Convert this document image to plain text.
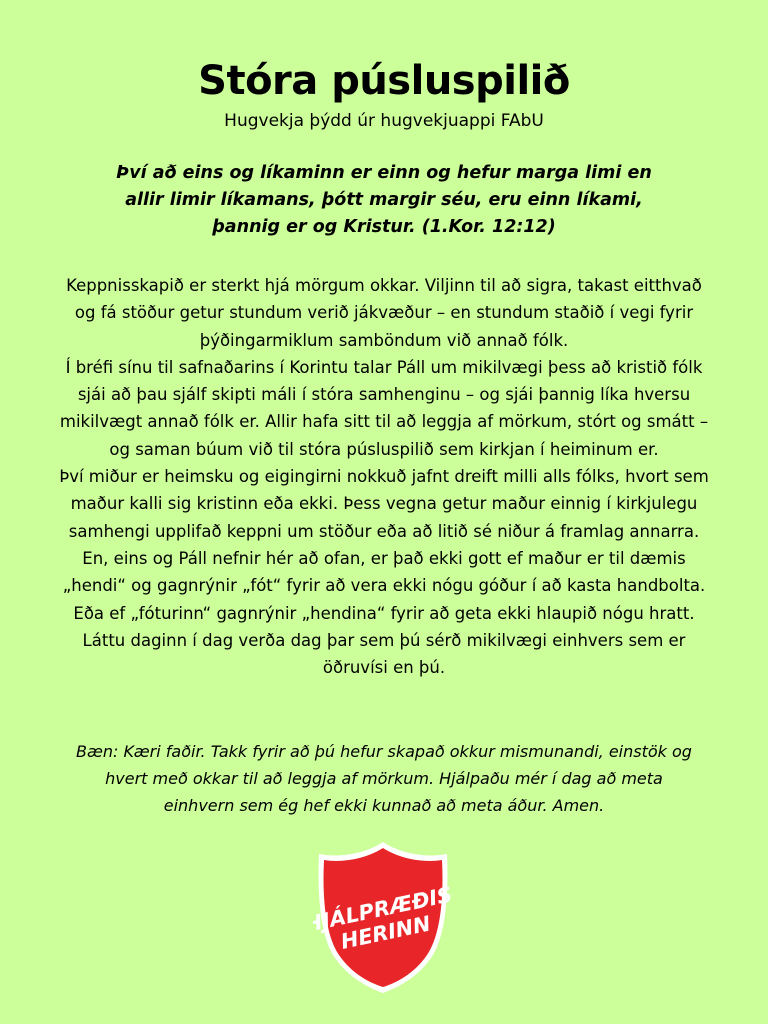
Stóra púsluspilið
Hugvekja þýdd úr hugvekjuappi FAbU
Því að eins og líkaminn er einn og hefur marga limi en allir limir líkamans, þótt margir séu, eru einn líkami, þannig er og Kristur. (1.Kor. 12:12)

Keppnisskapið er sterkt hjá mörgum okkar. Viljinn til að sigra, takast eitthvað og fá stöður getur stundum verið jákvæður – en stundum staðið í vegi fyrir þýðingarmiklum samböndum við annað fólk.

Í bréfi sínu til safnaðarins í Korintu talar Páll um mikilvægi þess að kristið fólk sjái að þau sjálf skipti máli í stóra samhenginu – og sjái þannig líka hversu mikilvægt annað fólk er. Allir hafa sitt til að leggja af mörkum, stórt og smátt – og saman búum við til stóra púsluspilið sem kirkjan í heiminum er.

Því miður er heimsku og eigingirni nokkuð jafnt dreift milli alls fólks, hvort sem maður kalli sig kristinn eða ekki. Þess vegna getur maður einnig í kirkjulegu samhengi upplifað keppni um stöður eða að litið sé niður á framlag annarra. En, eins og Páll nefnir hér að ofan, er það ekki gott ef maður er til dæmis „hendi“ og gagnrýnir „fót“ fyrir að vera ekki nógu góður í að kasta handbolta. Eða ef „fóturinn“ gagnrýnir „hendina“ fyrir að geta ekki hlaupið nógu hratt. Láttu daginn í dag verða dag þar sem þú sérð mikilvægi einhvers sem er öðruvísi en þú.

Bæn: Kæri faðir. Takk fyrir að þú hefur skapað okkur mismunandi, einstök og hvert með okkar til að leggja af mörkum. Hjálpaðu mér í dag að meta einhvern sem ég hef ekki kunnað að meta áður. Amen.
HJÁLPRÆÐIS-
HERINN
